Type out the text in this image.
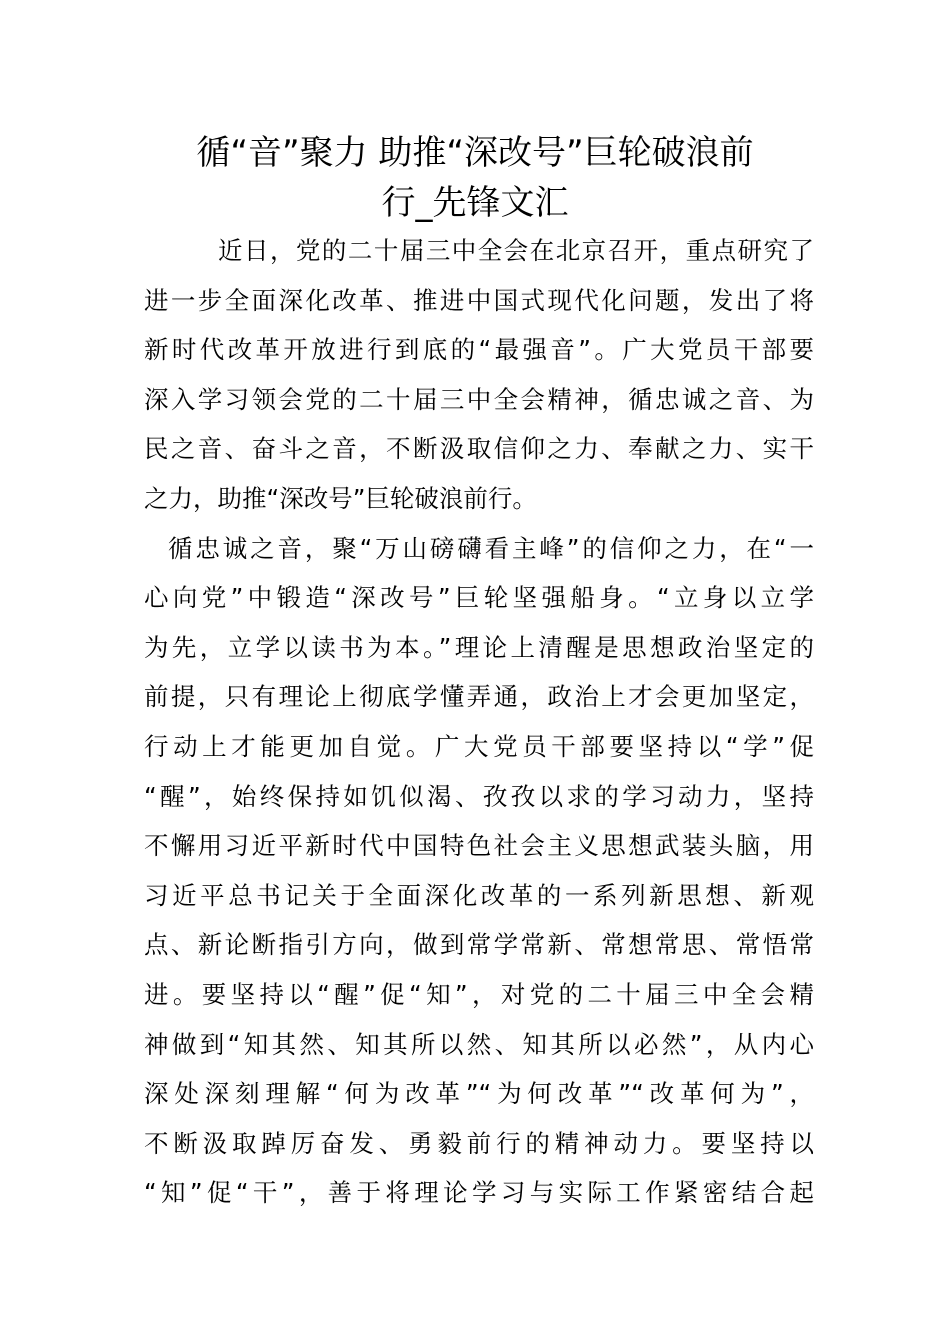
循“音”聚力 助推“深改号”巨轮破浪前
行_先锋文汇
近日，党的二十届三中全会在北京召开，重点研究了
进一步全面深化改革、推进中国式现代化问题，发出了将
新时代改革开放进行到底的“最强音”。广大党员干部要
深入学习领会党的二十届三中全会精神，循忠诚之音、为
民之音、奋斗之音，不断汲取信仰之力、奉献之力、实干
之力，助推“深改号”巨轮破浪前行。
循忠诚之音，聚“万山磅礴看主峰”的信仰之力，在“一
心向党”中锻造“深改号”巨轮坚强船身。“立身以立学
为先，立学以读书为本。”理论上清醒是思想政治坚定的
前提，只有理论上彻底学懂弄通，政治上才会更加坚定，
行动上才能更加自觉。广大党员干部要坚持以“学”促
“醒”，始终保持如饥似渴、孜孜以求的学习动力，坚持
不懈用习近平新时代中国特色社会主义思想武装头脑，用
习近平总书记关于全面深化改革的一系列新思想、新观
点、新论断指引方向，做到常学常新、常想常思、常悟常
进。要坚持以“醒”促“知”，对党的二十届三中全会精
神做到“知其然、知其所以然、知其所以必然”，从内心
深处深刻理解“何为改革”“为何改革”“改革何为”，
不断汲取踔厉奋发、勇毅前行的精神动力。要坚持以
“知”促“干”，善于将理论学习与实际工作紧密结合起
